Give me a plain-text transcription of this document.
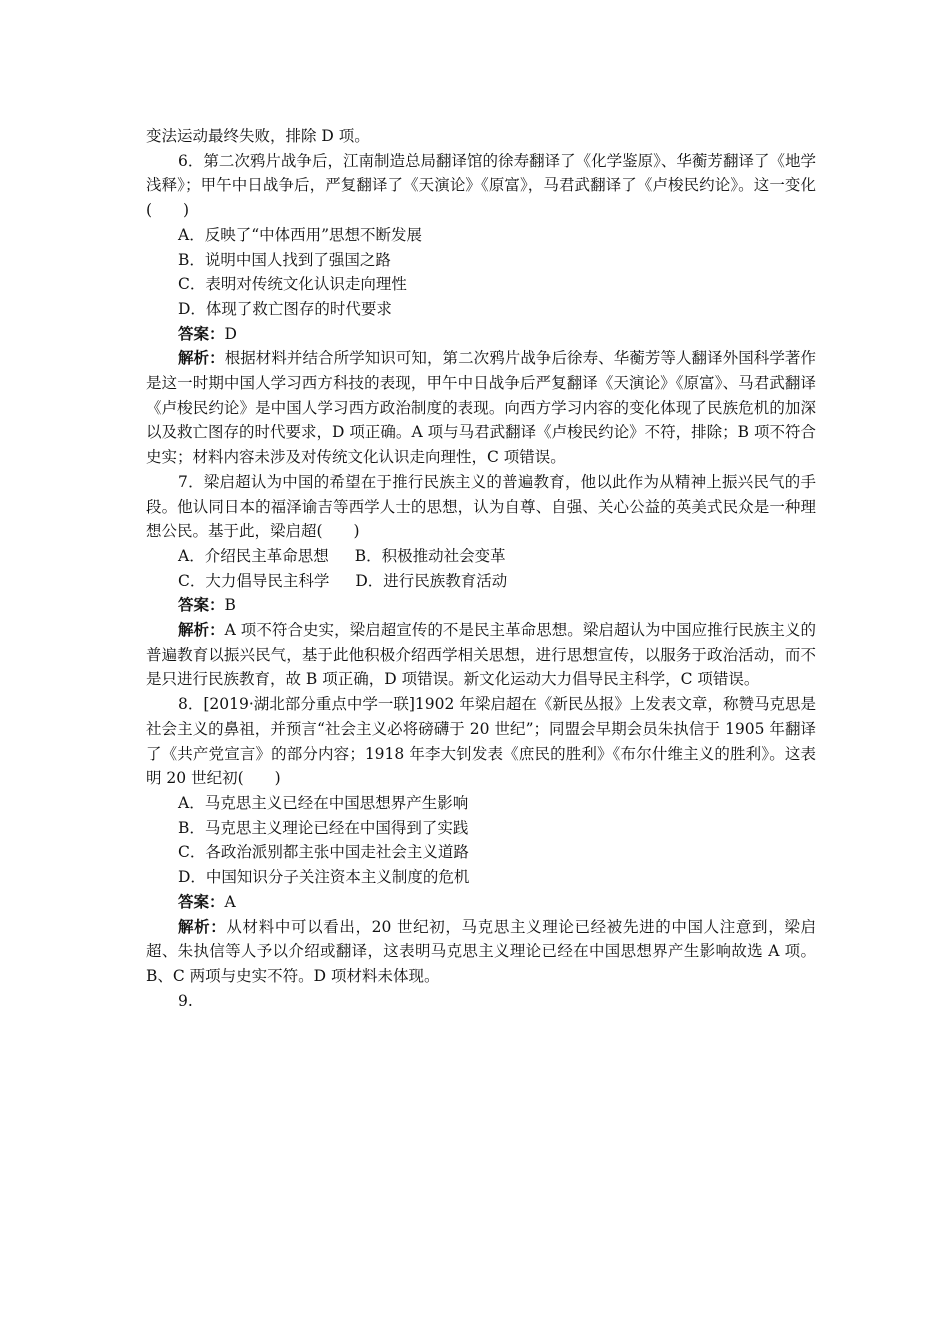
变法运动最终失败，排除 D 项。

6．第二次鸦片战争后，江南制造总局翻译馆的徐寿翻译了《化学鉴原》、华蘅芳翻译了《地学浅释》；甲午中日战争后，严复翻译了《天演论》《原富》，马君武翻译了《卢梭民约论》。这一变化(　　)

A．反映了“中体西用”思想不断发展

B．说明中国人找到了强国之路

C．表明对传统文化认识走向理性

D．体现了救亡图存的时代要求

答案：D

解析：根据材料并结合所学知识可知，第二次鸦片战争后徐寿、华蘅芳等人翻译外国科学著作是这一时期中国人学习西方科技的表现，甲午中日战争后严复翻译《天演论》《原富》、马君武翻译《卢梭民约论》是中国人学习西方政治制度的表现。向西方学习内容的变化体现了民族危机的加深以及救亡图存的时代要求，D 项正确。A 项与马君武翻译《卢梭民约论》不符，排除；B 项不符合史实；材料内容未涉及对传统文化认识走向理性，C 项错误。

7．梁启超认为中国的希望在于推行民族主义的普遍教育，他以此作为从精神上振兴民气的手段。他认同日本的福泽谕吉等西学人士的思想，认为自尊、自强、关心公益的英美式民众是一种理想公民。基于此，梁启超(　　)

A．介绍民主革命思想 B．积极推动社会变革

C．大力倡导民主科学 D．进行民族教育活动

答案：B

解析：A 项不符合史实，梁启超宣传的不是民主革命思想。梁启超认为中国应推行民族主义的普遍教育以振兴民气，基于此他积极介绍西学相关思想，进行思想宣传，以服务于政治活动，而不是只进行民族教育，故 B 项正确，D 项错误。新文化运动大力倡导民主科学，C 项错误。

8．[2019·湖北部分重点中学一联]1902 年梁启超在《新民丛报》上发表文章，称赞马克思是社会主义的鼻祖，并预言“社会主义必将磅礴于 20 世纪”；同盟会早期会员朱执信于 1905 年翻译了《共产党宣言》的部分内容；1918 年李大钊发表《庶民的胜利》《布尔什维主义的胜利》。这表明 20 世纪初(　　)

A．马克思主义已经在中国思想界产生影响

B．马克思主义理论已经在中国得到了实践

C．各政治派别都主张中国走社会主义道路

D．中国知识分子关注资本主义制度的危机

答案：A

解析：从材料中可以看出，20 世纪初，马克思主义理论已经被先进的中国人注意到，梁启超、朱执信等人予以介绍或翻译，这表明马克思主义理论已经在中国思想界产生影响故选 A 项。B、C 两项与史实不符。D 项材料未体现。

9.
